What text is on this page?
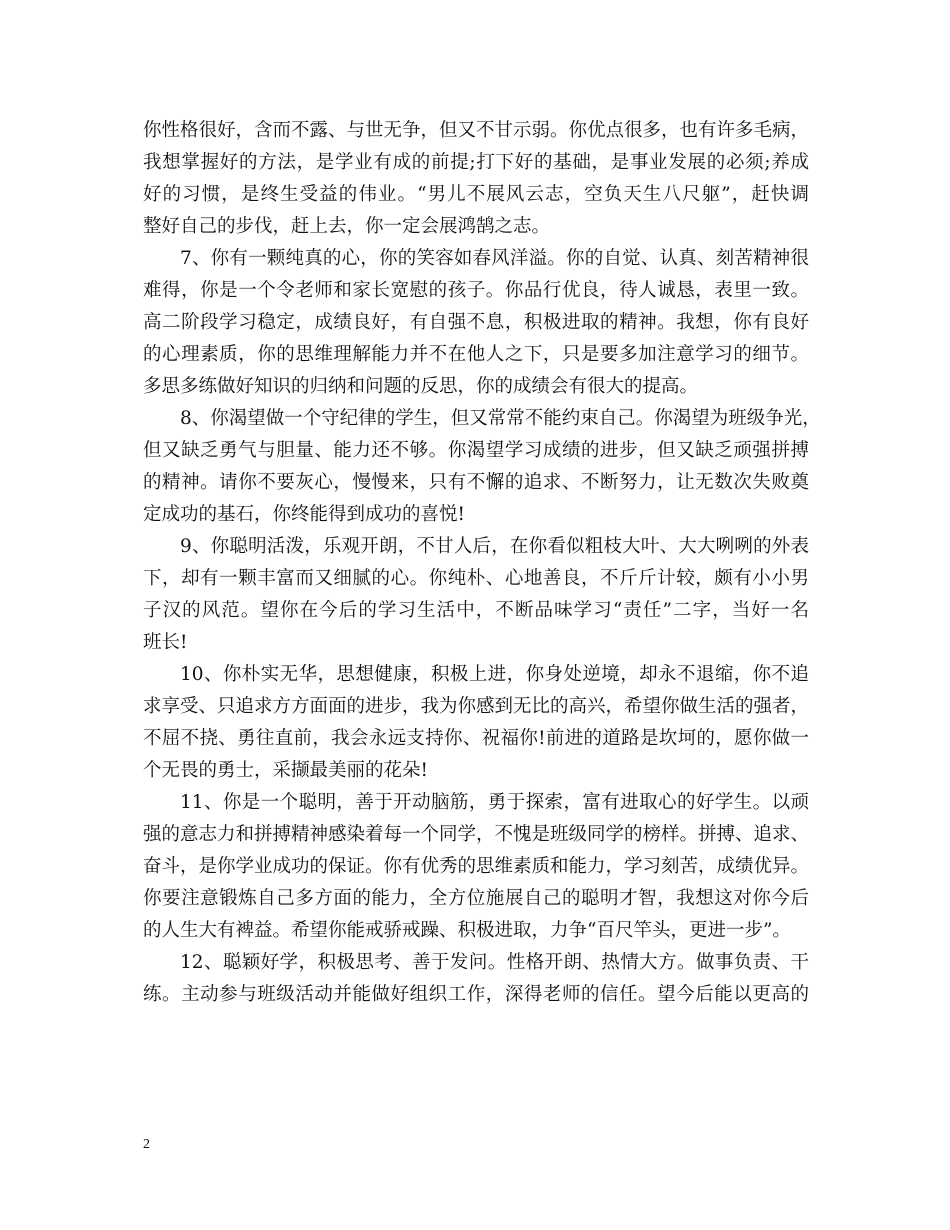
你性格很好，含而不露、与世无争，但又不甘示弱。你优点很多，也有许多毛病，
我想掌握好的方法，是学业有成的前提;打下好的基础，是事业发展的必须;养成
好的习惯，是终生受益的伟业。“男儿不展风云志，空负天生八尺躯”，赶快调
整好自己的步伐，赶上去，你一定会展鸿鹄之志。
7、你有一颗纯真的心，你的笑容如春风洋溢。你的自觉、认真、刻苦精神很
难得，你是一个令老师和家长宽慰的孩子。你品行优良，待人诚恳，表里一致。
高二阶段学习稳定，成绩良好，有自强不息，积极进取的精神。我想，你有良好
的心理素质，你的思维理解能力并不在他人之下，只是要多加注意学习的细节。
多思多练做好知识的归纳和问题的反思，你的成绩会有很大的提高。
8、你渴望做一个守纪律的学生，但又常常不能约束自己。你渴望为班级争光，
但又缺乏勇气与胆量、能力还不够。你渴望学习成绩的进步，但又缺乏顽强拼搏
的精神。请你不要灰心，慢慢来，只有不懈的追求、不断努力，让无数次失败奠
定成功的基石，你终能得到成功的喜悦!
9、你聪明活泼，乐观开朗，不甘人后，在你看似粗枝大叶、大大咧咧的外表
下，却有一颗丰富而又细腻的心。你纯朴、心地善良，不斤斤计较，颇有小小男
子汉的风范。望你在今后的学习生活中，不断品味学习“责任”二字，当好一名
班长!
10、你朴实无华，思想健康，积极上进，你身处逆境，却永不退缩，你不追
求享受、只追求方方面面的进步，我为你感到无比的高兴，希望你做生活的强者，
不屈不挠、勇往直前，我会永远支持你、祝福你!前进的道路是坎坷的，愿你做一
个无畏的勇士，采撷最美丽的花朵!
11、你是一个聪明，善于开动脑筋，勇于探索，富有进取心的好学生。以顽
强的意志力和拼搏精神感染着每一个同学，不愧是班级同学的榜样。拼搏、追求、
奋斗，是你学业成功的保证。你有优秀的思维素质和能力，学习刻苦，成绩优异。
你要注意锻炼自己多方面的能力，全方位施展自己的聪明才智，我想这对你今后
的人生大有裨益。希望你能戒骄戒躁、积极进取，力争“百尺竿头，更进一步”。
12、聪颖好学，积极思考、善于发问。性格开朗、热情大方。做事负责、干
练。主动参与班级活动并能做好组织工作，深得老师的信任。望今后能以更高的
2
